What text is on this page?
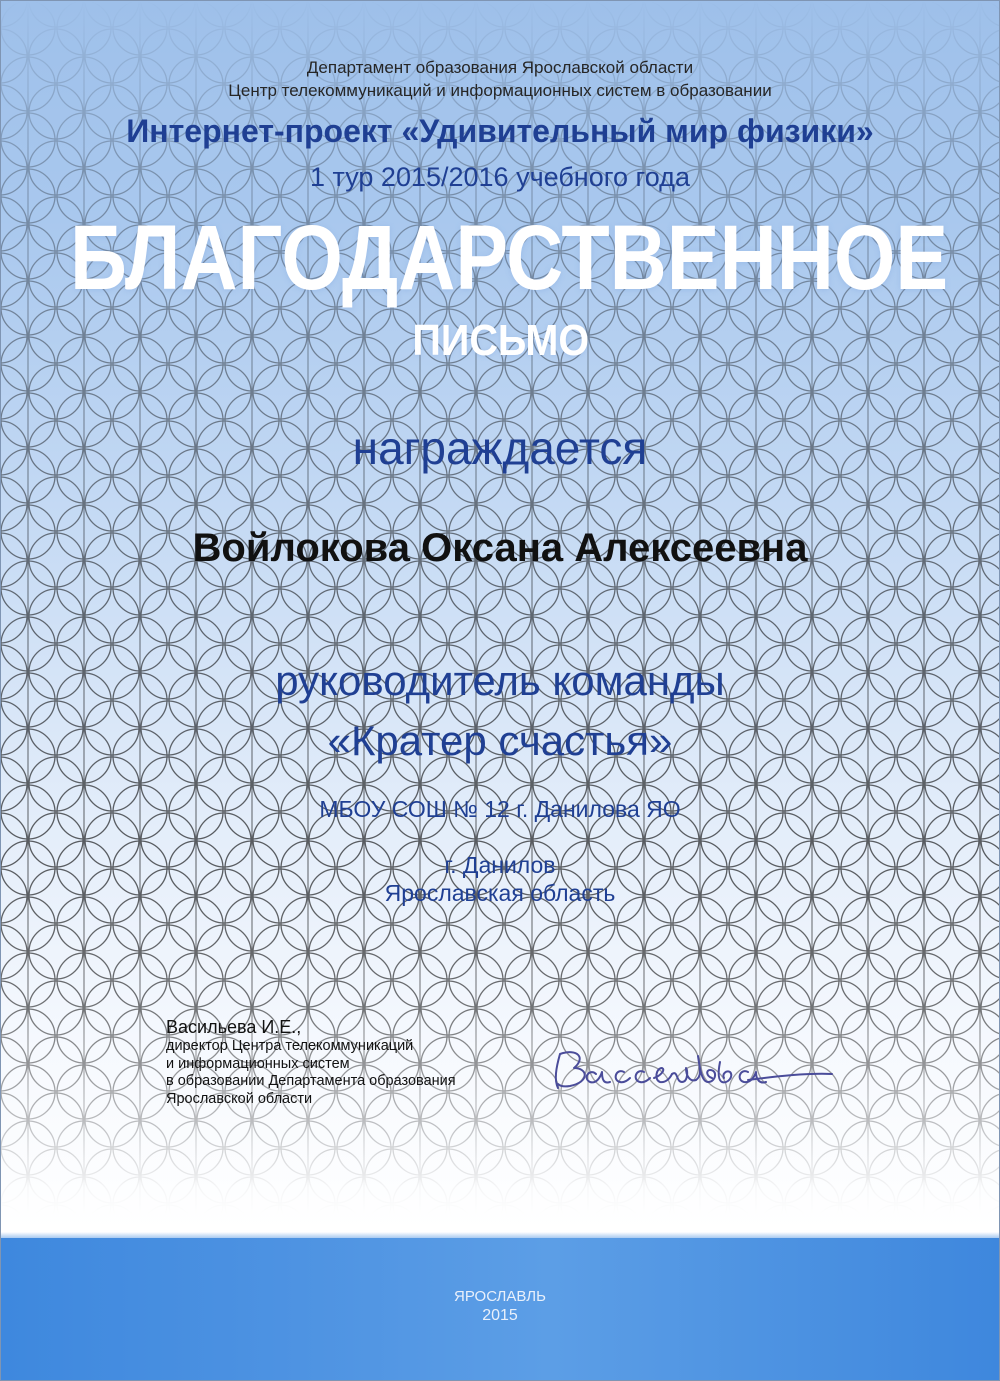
Департамент образования Ярославской области
Центр телекоммуникаций и информационных систем в образовании
Интернет-проект «Удивительный мир физики»
1 тур 2015/2016 учебного года
БЛАГОДАРСТВЕННОЕ
ПИСЬМО
награждается
Войлокова Оксана Алексеевна
руководитель команды
«Кратер счастья»
МБОУ СОШ № 12 г. Данилова ЯО
г. Данилов
Ярославская область
Васильева И.Е.,
директор Центра телекоммуникаций
и информационных систем
в образовании Департамента образования
Ярославской области
ЯРОСЛАВЛЬ
2015
